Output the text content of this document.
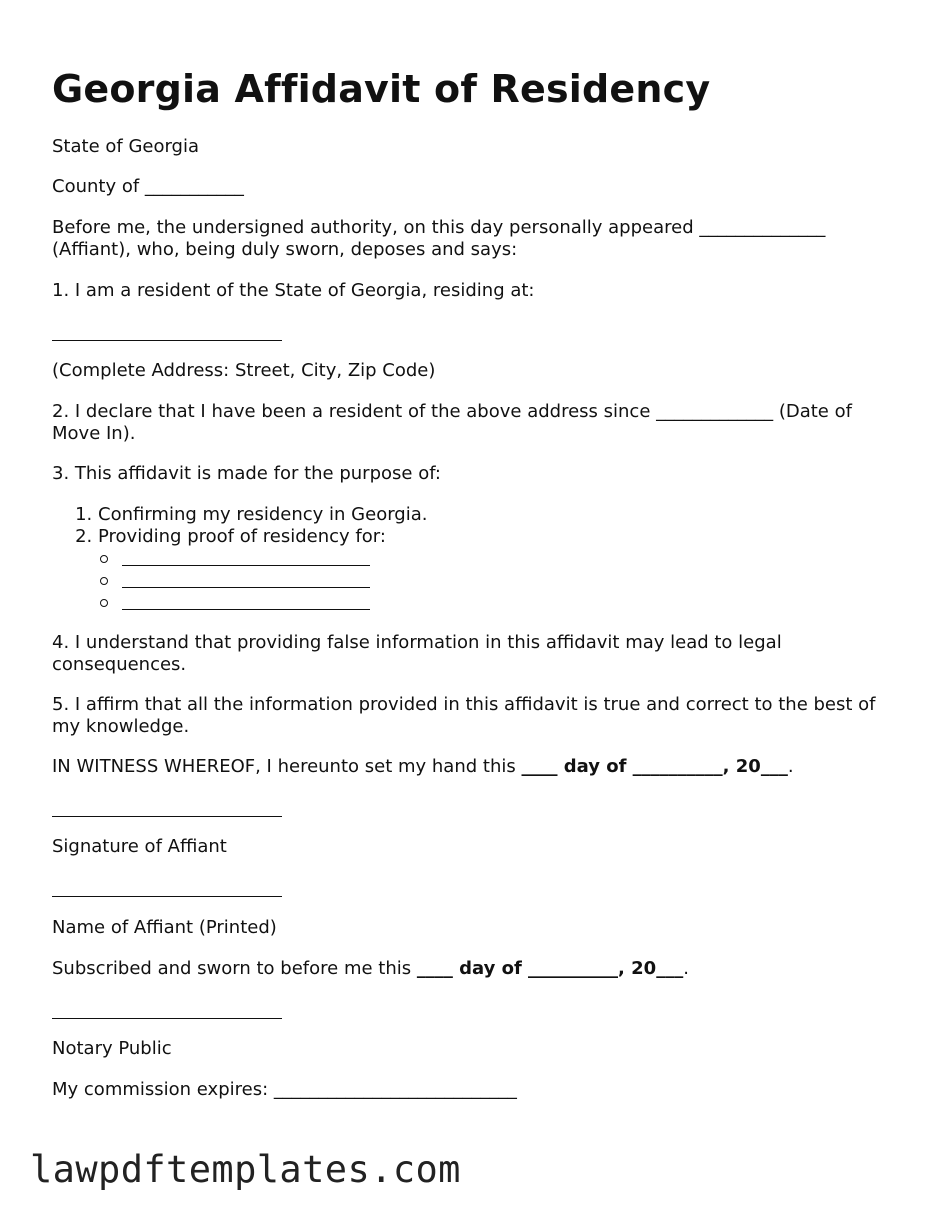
Georgia Affidavit of Residency

State of Georgia

County of ___________

Before me, the undersigned authority, on this day personally appeared ______________ (Affiant), who, being duly sworn, deposes and says:

1. I am a resident of the State of Georgia, residing at:

(Complete Address: Street, City, Zip Code)

2. I declare that I have been a resident of the above address since _____________ (Date of Move In).

3. This affidavit is made for the purpose of:

1. Confirming my residency in Georgia.
2. Providing proof of residency for:

4. I understand that providing false information in this affidavit may lead to legal consequences.

5. I affirm that all the information provided in this affidavit is true and correct to the best of my knowledge.

IN WITNESS WHEREOF, I hereunto set my hand this ____ day of __________, 20___.

Signature of Affiant

Name of Affiant (Printed)

Subscribed and sworn to before me this ____ day of __________, 20___.

Notary Public

My commission expires: ___________________________

lawpdftemplates.com
